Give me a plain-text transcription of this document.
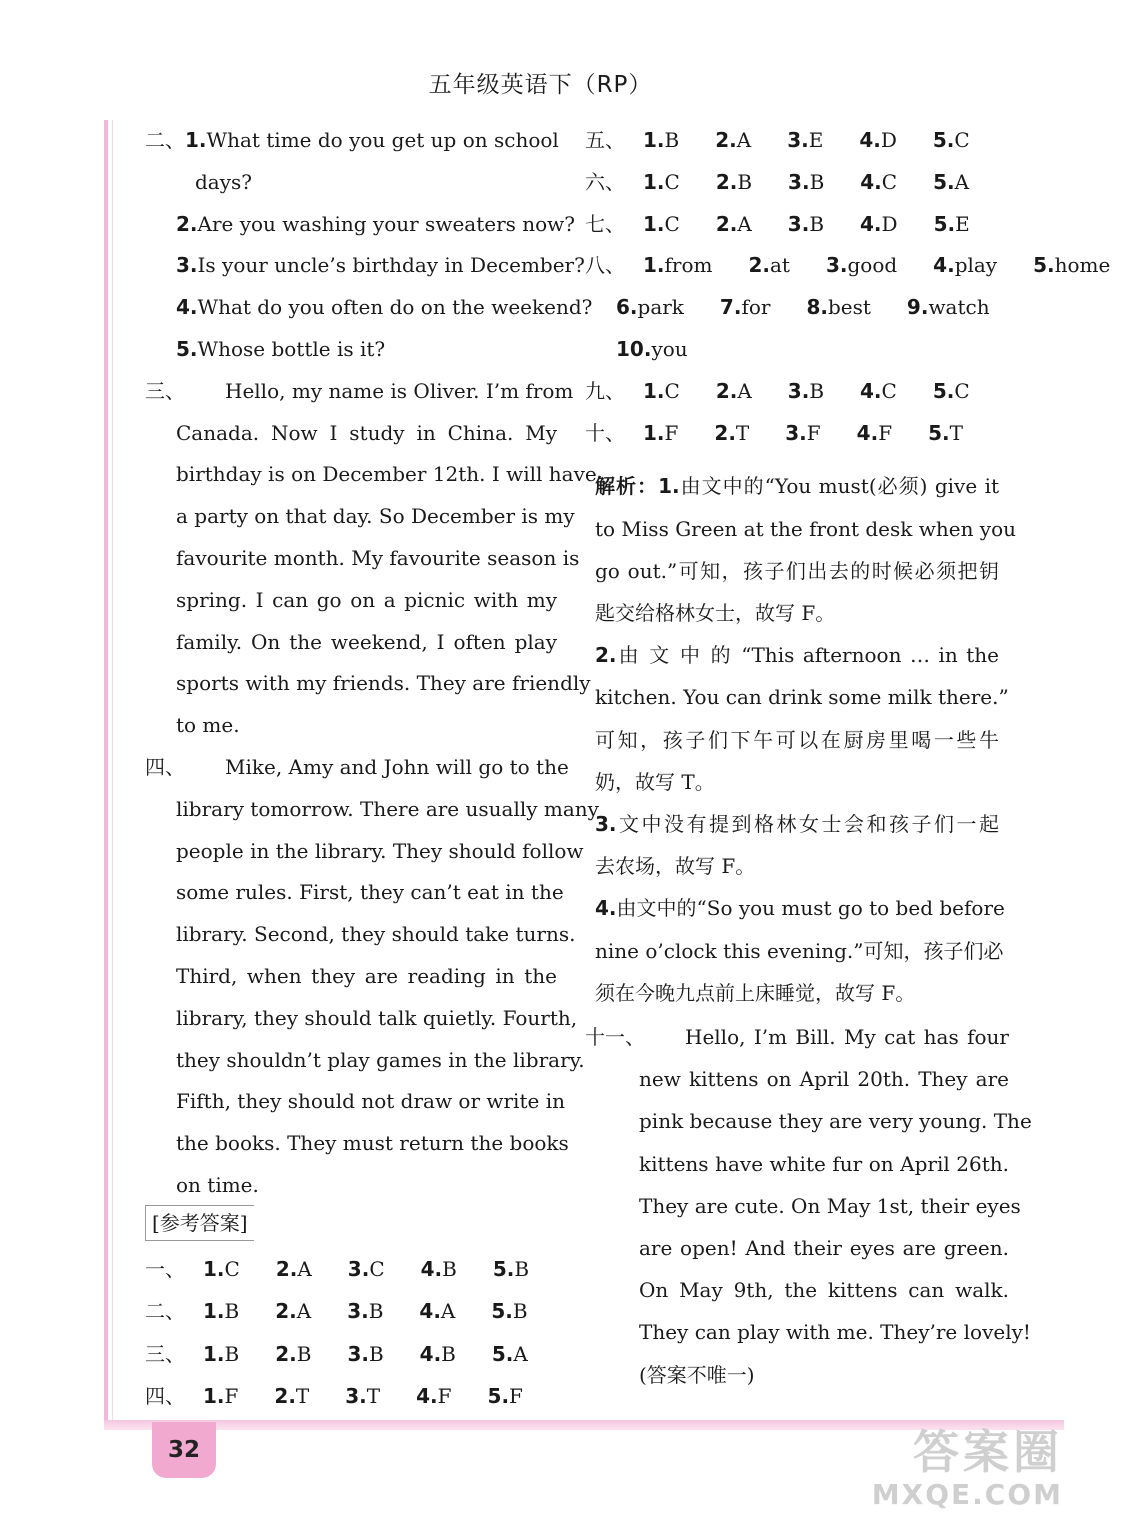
五年级英语下（RP）
二、1.What time do you get up on school
days?
2.Are you washing your sweaters now?
3.Is your uncle’s birthday in December?
4.What do you often do on the weekend?
5.Whose bottle is it?
三、 Hello, my name is Oliver. I’m from
Canada. Now I study in China. My
birthday is on December 12th. I will have
a party on that day. So December is my
favourite month. My favourite season is
spring. I can go on a picnic with my
family. On the weekend, I often play
sports with my friends. They are friendly
to me.
四、 Mike, Amy and John will go to the
library tomorrow. There are usually many
people in the library. They should follow
some rules. First, they can’t eat in the
library. Second, they should take turns.
Third, when they are reading in the
library, they should talk quietly. Fourth,
they shouldn’t play games in the library.
Fifth, they should not draw or write in
the books. They must return the books
on time.
[参考答案]
一、 1.C 2.A 3.C 4.B 5.B
二、 1.B 2.A 3.B 4.A 5.B
三、 1.B 2.B 3.B 4.B 5.A
四、 1.F 2.T 3.T 4.F 5.F
五、 1.B 2.A 3.E 4.D 5.C
六、 1.C 2.B 3.B 4.C 5.A
七、 1.C 2.A 3.B 4.D 5.E
八、 1.from 2.at 3.good 4.play 5.home
6.park 7.for 8.best 9.watch
10.you
九、 1.C 2.A 3.B 4.C 5.C
十、 1.F 2.T 3.F 4.F 5.T
解析：1.由文中的“You must(必须) give it
to Miss Green at the front desk when you
go out.”可知，孩子们出去的时候必须把钥
匙交给格林女士，故写 F。
2.由 文 中 的 “This afternoon … in the
kitchen. You can drink some milk there.”
可知，孩子们下午可以在厨房里喝一些牛
奶，故写 T。
3.文中没有提到格林女士会和孩子们一起
去农场，故写 F。
4.由文中的“So you must go to bed before
nine o’clock this evening.”可知，孩子们必
须在今晚九点前上床睡觉，故写 F。
十一、 Hello, I’m Bill. My cat has four
new kittens on April 20th. They are
pink because they are very young. The
kittens have white fur on April 26th.
They are cute. On May 1st, their eyes
are open! And their eyes are green.
On May 9th, the kittens can walk.
They can play with me. They’re lovely!
(答案不唯一)
32	答案圈
MXQE.COM
